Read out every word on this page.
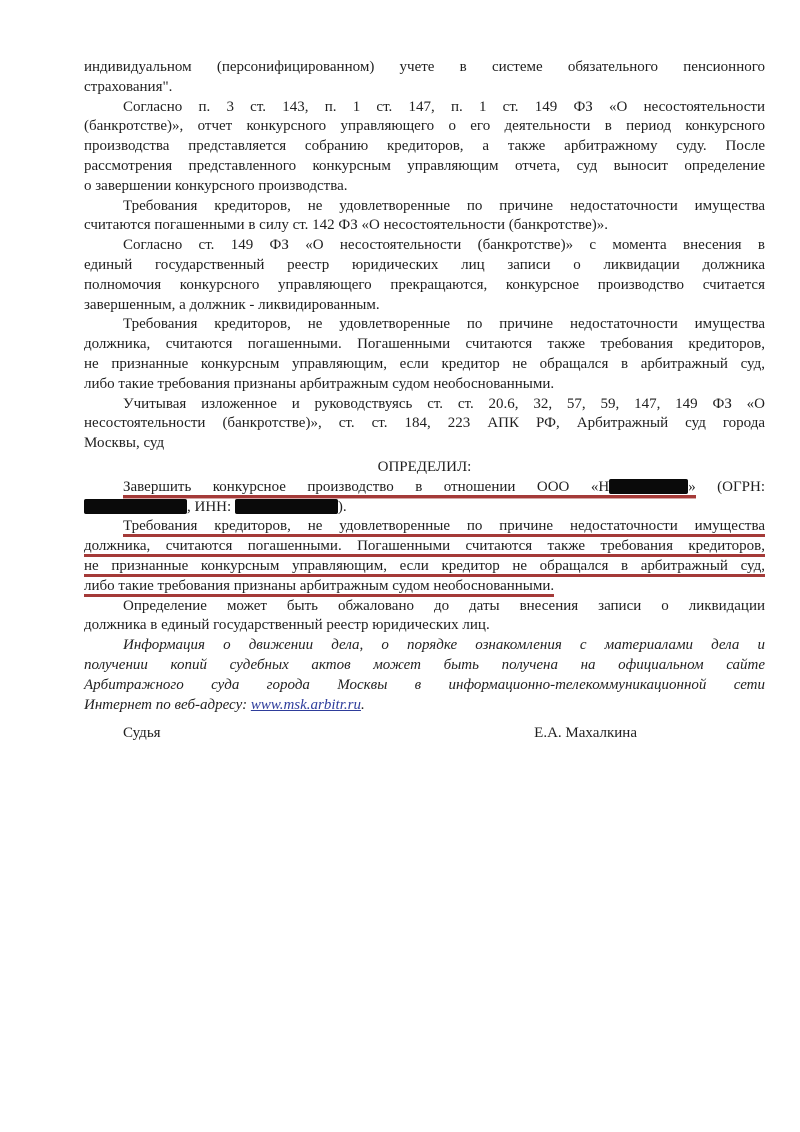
индивидуальном (персонифицированном) учете в системе обязательного пенсионного
страхования".
Согласно п. 3 ст. 143, п. 1 ст. 147, п. 1 ст. 149 ФЗ «О несостоятельности
(банкротстве)», отчет конкурсного управляющего о его деятельности в период конкурсного
производства представляется собранию кредиторов, а также арбитражному суду. После
рассмотрения представленного конкурсным управляющим отчета, суд выносит определение
о завершении конкурсного производства.
Требования кредиторов, не удовлетворенные по причине недостаточности имущества
считаются погашенными в силу ст. 142 ФЗ «О несостоятельности (банкротстве)».
Согласно ст. 149 ФЗ «О несостоятельности (банкротстве)» с момента внесения в
единый государственный реестр юридических лиц записи о ликвидации должника
полномочия конкурсного управляющего прекращаются, конкурсное производство считается
завершенным, а должник - ликвидированным.
Требования кредиторов, не удовлетворенные по причине недостаточности имущества
должника, считаются погашенными. Погашенными считаются также требования кредиторов,
не признанные конкурсным управляющим, если кредитор не обращался в арбитражный суд,
либо такие требования признаны арбитражным судом необоснованными.
Учитывая изложенное и руководствуясь ст. ст. 20.6, 32, 57, 59, 147, 149 ФЗ «О
несостоятельности (банкротстве)», ст. ст. 184, 223 АПК РФ, Арбитражный суд города
Москвы, суд
ОПРЕДЕЛИЛ:
Завершить конкурсное производство в отношении ООО «Н	» (ОГРН:
, ИНН:	).
Требования кредиторов, не удовлетворенные по причине недостаточности имущества
должника, считаются погашенными. Погашенными считаются также требования кредиторов,
не признанные конкурсным управляющим, если кредитор не обращался в арбитражный суд,
либо такие требования признаны арбитражным судом необоснованными.
Определение может быть обжаловано до даты внесения записи о ликвидации
должника в единый государственный реестр юридических лиц.
Информация о движении дела, о порядке ознакомления с материалами дела и
получении копий судебных актов может быть получена на официальном сайте
Арбитражного суда города Москвы в информационно-телекоммуникационной сети
Интернет по веб-адресу: www.msk.arbitr.ru.
Судья	Е.А. Махалкина
